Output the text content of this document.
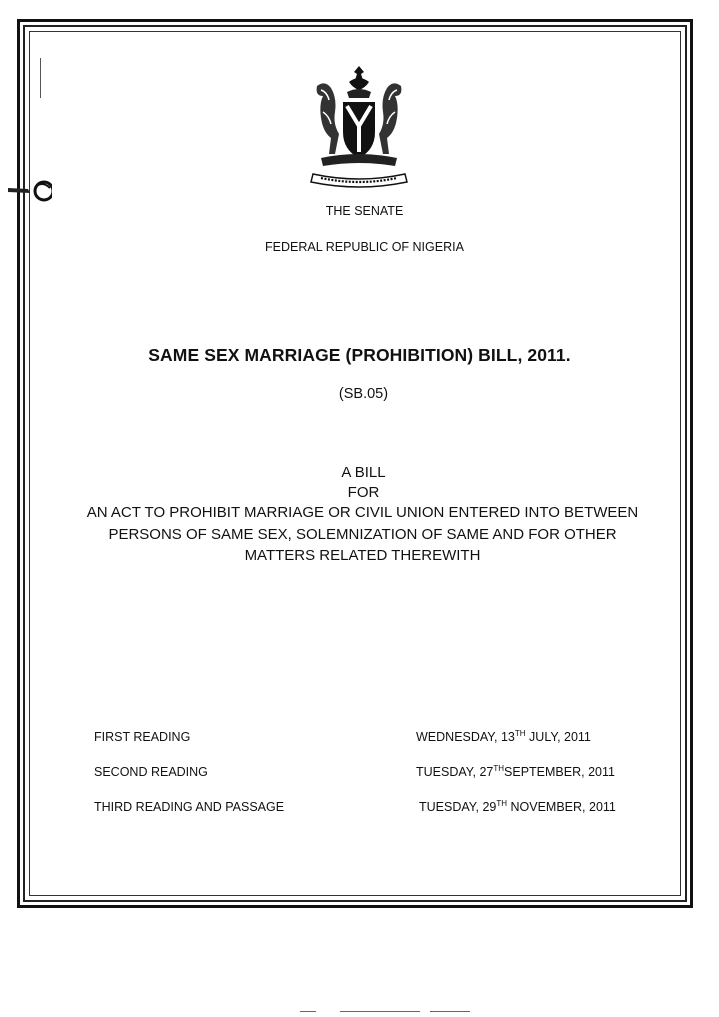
THE SENATE
FEDERAL REPUBLIC OF NIGERIA
SAME SEX MARRIAGE (PROHIBITION) BILL, 2011.
(SB.05)
A BILL
FOR
AN ACT TO PROHIBIT MARRIAGE OR CIVIL UNION ENTERED INTO BETWEEN
PERSONS OF SAME SEX, SOLEMNIZATION OF SAME AND FOR OTHER
MATTERS RELATED THEREWITH
FIRST READING	WEDNESDAY, 13TH JULY, 2011
SECOND READING	TUESDAY, 27THSEPTEMBER, 2011
THIRD READING AND PASSAGE	TUESDAY, 29TH NOVEMBER, 2011
